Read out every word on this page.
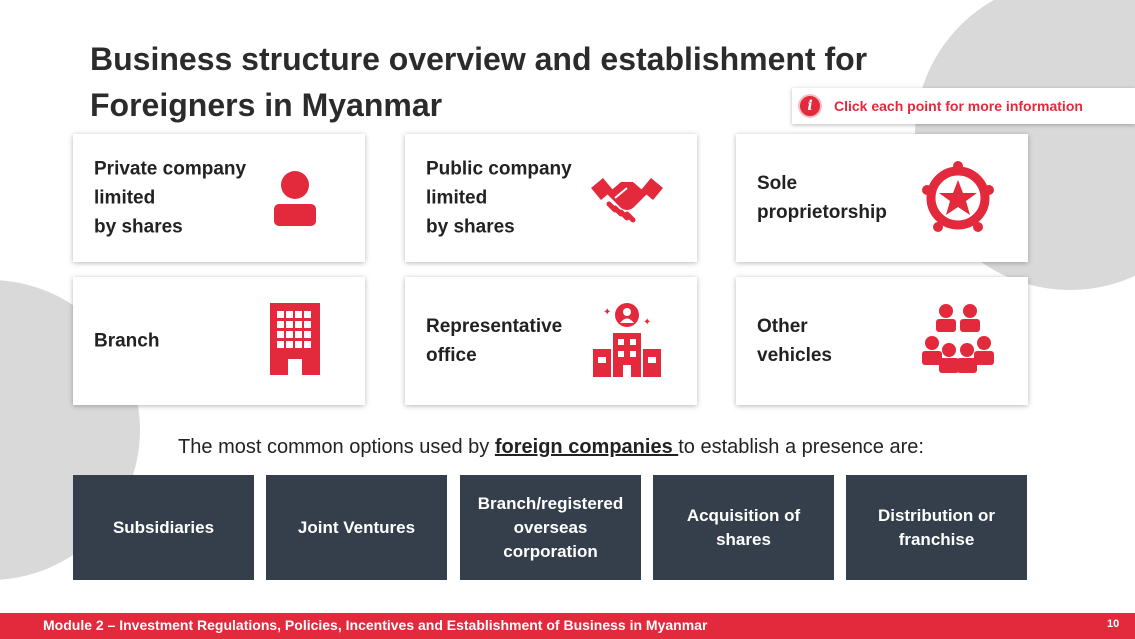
Business structure overview and establishment for
Foreigners in Myanmar	i	Click each point for more information
Private company
limited
by shares
Public company
limited
by shares
Sole
proprietorship
Branch
Representative
office
✦
✦	Other
vehicles
The most common options used by foreign companies to establish a presence are:
Subsidiaries	Joint Ventures
Branch/registered overseas corporation
Acquisition of shares
Distribution or franchise
Module 2 – Investment Regulations, Policies, Incentives and Establishment of Business in Myanmar	10
